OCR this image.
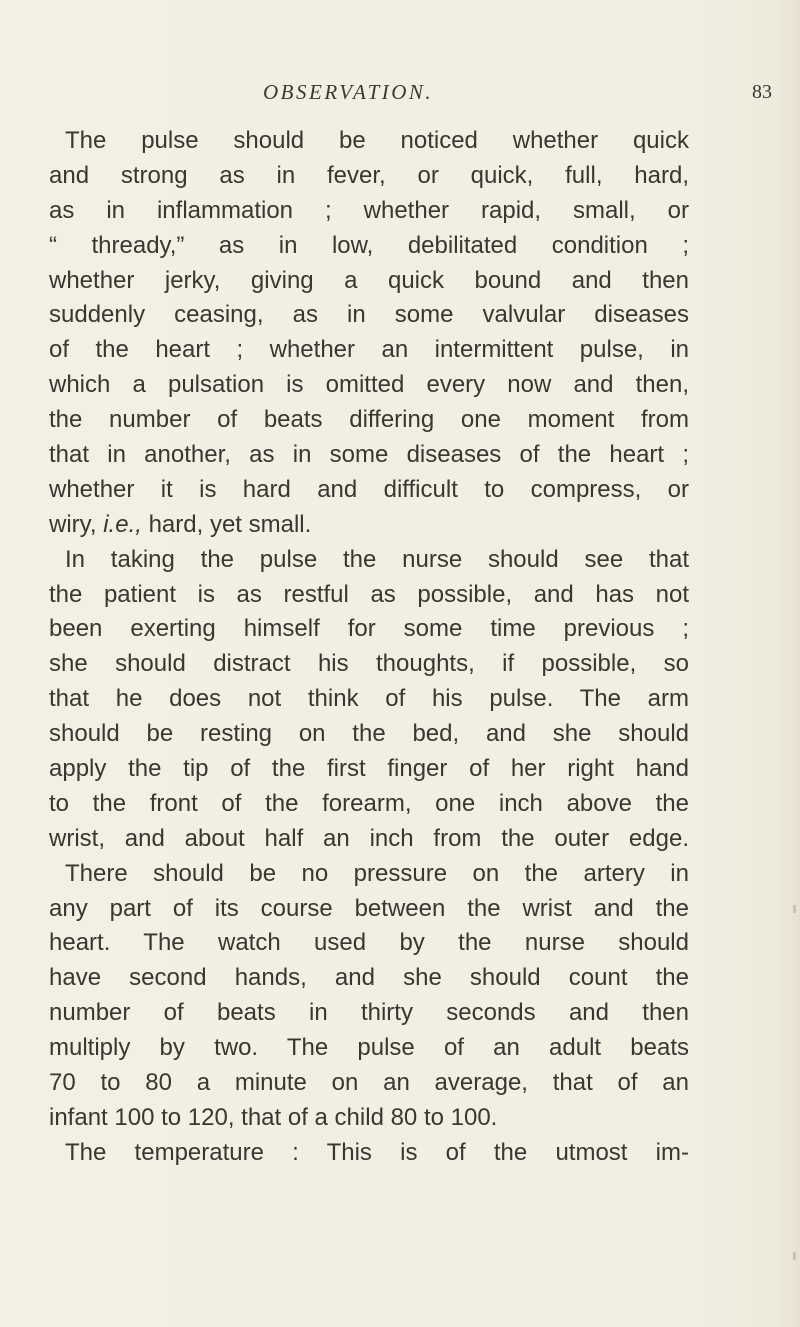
OBSERVATION.	83
The pulse should be noticed whether quick
and strong as in fever, or quick, full, hard,
as in inflammation ; whether rapid, small, or
“ thready,” as in low, debilitated condition ;
whether jerky, giving a quick bound and then
suddenly ceasing, as in some valvular diseases
of the heart ; whether an intermittent pulse, in
which a pulsation is omitted every now and then,
the number of beats differing one moment from
that in another, as in some diseases of the heart ;
whether it is hard and difficult to compress, or
wiry, i.e., hard, yet small.
In taking the pulse the nurse should see that
the patient is as restful as possible, and has not
been exerting himself for some time previous ;
she should distract his thoughts, if possible, so
that he does not think of his pulse. The arm
should be resting on the bed, and she should
apply the tip of the first finger of her right hand
to the front of the forearm, one inch above the
wrist, and about half an inch from the outer edge.
There should be no pressure on the artery in
any part of its course between the wrist and the
heart. The watch used by the nurse should
have second hands, and she should count the
number of beats in thirty seconds and then
multiply by two. The pulse of an adult beats
70 to 80 a minute on an average, that of an
infant 100 to 120, that of a child 80 to 100.
The temperature : This is of the utmost im-
